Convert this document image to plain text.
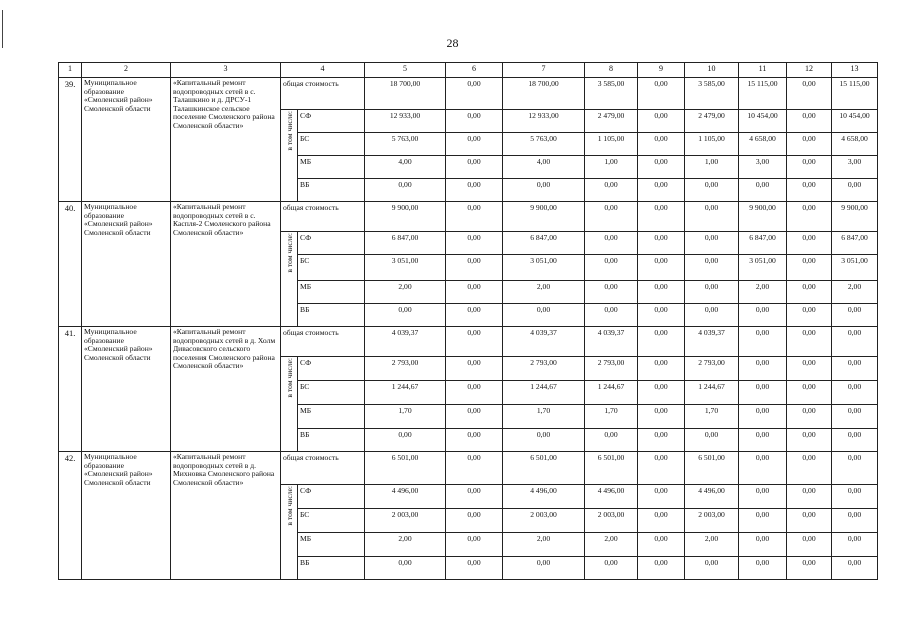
28
1	2	3	4		5	6	7	8	9	10	11	12	13
39.	Муниципальное образование «Смоленский район» Смоленской области	«Капитальный ремонт водопроводных сетей в с. Талашкино и д. ДРСУ-1 Талашкинское сельское поселение Смоленского района Смоленской области»	общая стоимость		18 700,00	0,00	18 700,00	3 585,00	0,00	3 585,00	15 115,00	0,00	15 115,00

			в том числе:	СФ	12 933,00	0,00	12 933,00	2 479,00	0,00	2 479,00	10 454,00	0,00	10 454,00
				БС	5 763,00	0,00	5 763,00	1 105,00	0,00	1 105,00	4 658,00	0,00	4 658,00
				МБ	4,00	0,00	4,00	1,00	0,00	1,00	3,00	0,00	3,00
				ВБ	0,00	0,00	0,00	0,00	0,00	0,00	0,00	0,00	0,00
40.	Муниципальное образование «Смоленский район» Смоленской области	«Капитальный ремонт водопроводных сетей в с. Каспля-2 Смоленского района Смоленской области»	общая стоимость		9 900,00	0,00	9 900,00	0,00	0,00	0,00	9 900,00	0,00	9 900,00

			в том числе:	СФ	6 847,00	0,00	6 847,00	0,00	0,00	0,00	6 847,00	0,00	6 847,00
				БС	3 051,00	0,00	3 051,00	0,00	0,00	0,00	3 051,00	0,00	3 051,00
				МБ	2,00	0,00	2,00	0,00	0,00	0,00	2,00	0,00	2,00
				ВБ	0,00	0,00	0,00	0,00	0,00	0,00	0,00	0,00	0,00
41.	Муниципальное образование «Смоленский район» Смоленской области	«Капитальный ремонт водопроводных сетей в д. Холм Дивасовского сельского поселения Смоленского района Смоленской области»	общая стоимость		4 039,37	0,00	4 039,37	4 039,37	0,00	4 039,37	0,00	0,00	0,00

			в том числе:	СФ	2 793,00	0,00	2 793,00	2 793,00	0,00	2 793,00	0,00	0,00	0,00
				БС	1 244,67	0,00	1 244,67	1 244,67	0,00	1 244,67	0,00	0,00	0,00
				МБ	1,70	0,00	1,70	1,70	0,00	1,70	0,00	0,00	0,00
				ВБ	0,00	0,00	0,00	0,00	0,00	0,00	0,00	0,00	0,00
42.	Муниципальное образование «Смоленский район» Смоленской области	«Капитальный ремонт водопроводных сетей в д. Михновка Смоленского района Смоленской области»	общая стоимость		6 501,00	0,00	6 501,00	6 501,00	0,00	6 501,00	0,00	0,00	0,00

			в том числе:	СФ	4 496,00	0,00	4 496,00	4 496,00	0,00	4 496,00	0,00	0,00	0,00
				БС	2 003,00	0,00	2 003,00	2 003,00	0,00	2 003,00	0,00	0,00	0,00
				МБ	2,00	0,00	2,00	2,00	0,00	2,00	0,00	0,00	0,00
				ВБ	0,00	0,00	0,00	0,00	0,00	0,00	0,00	0,00	0,00
